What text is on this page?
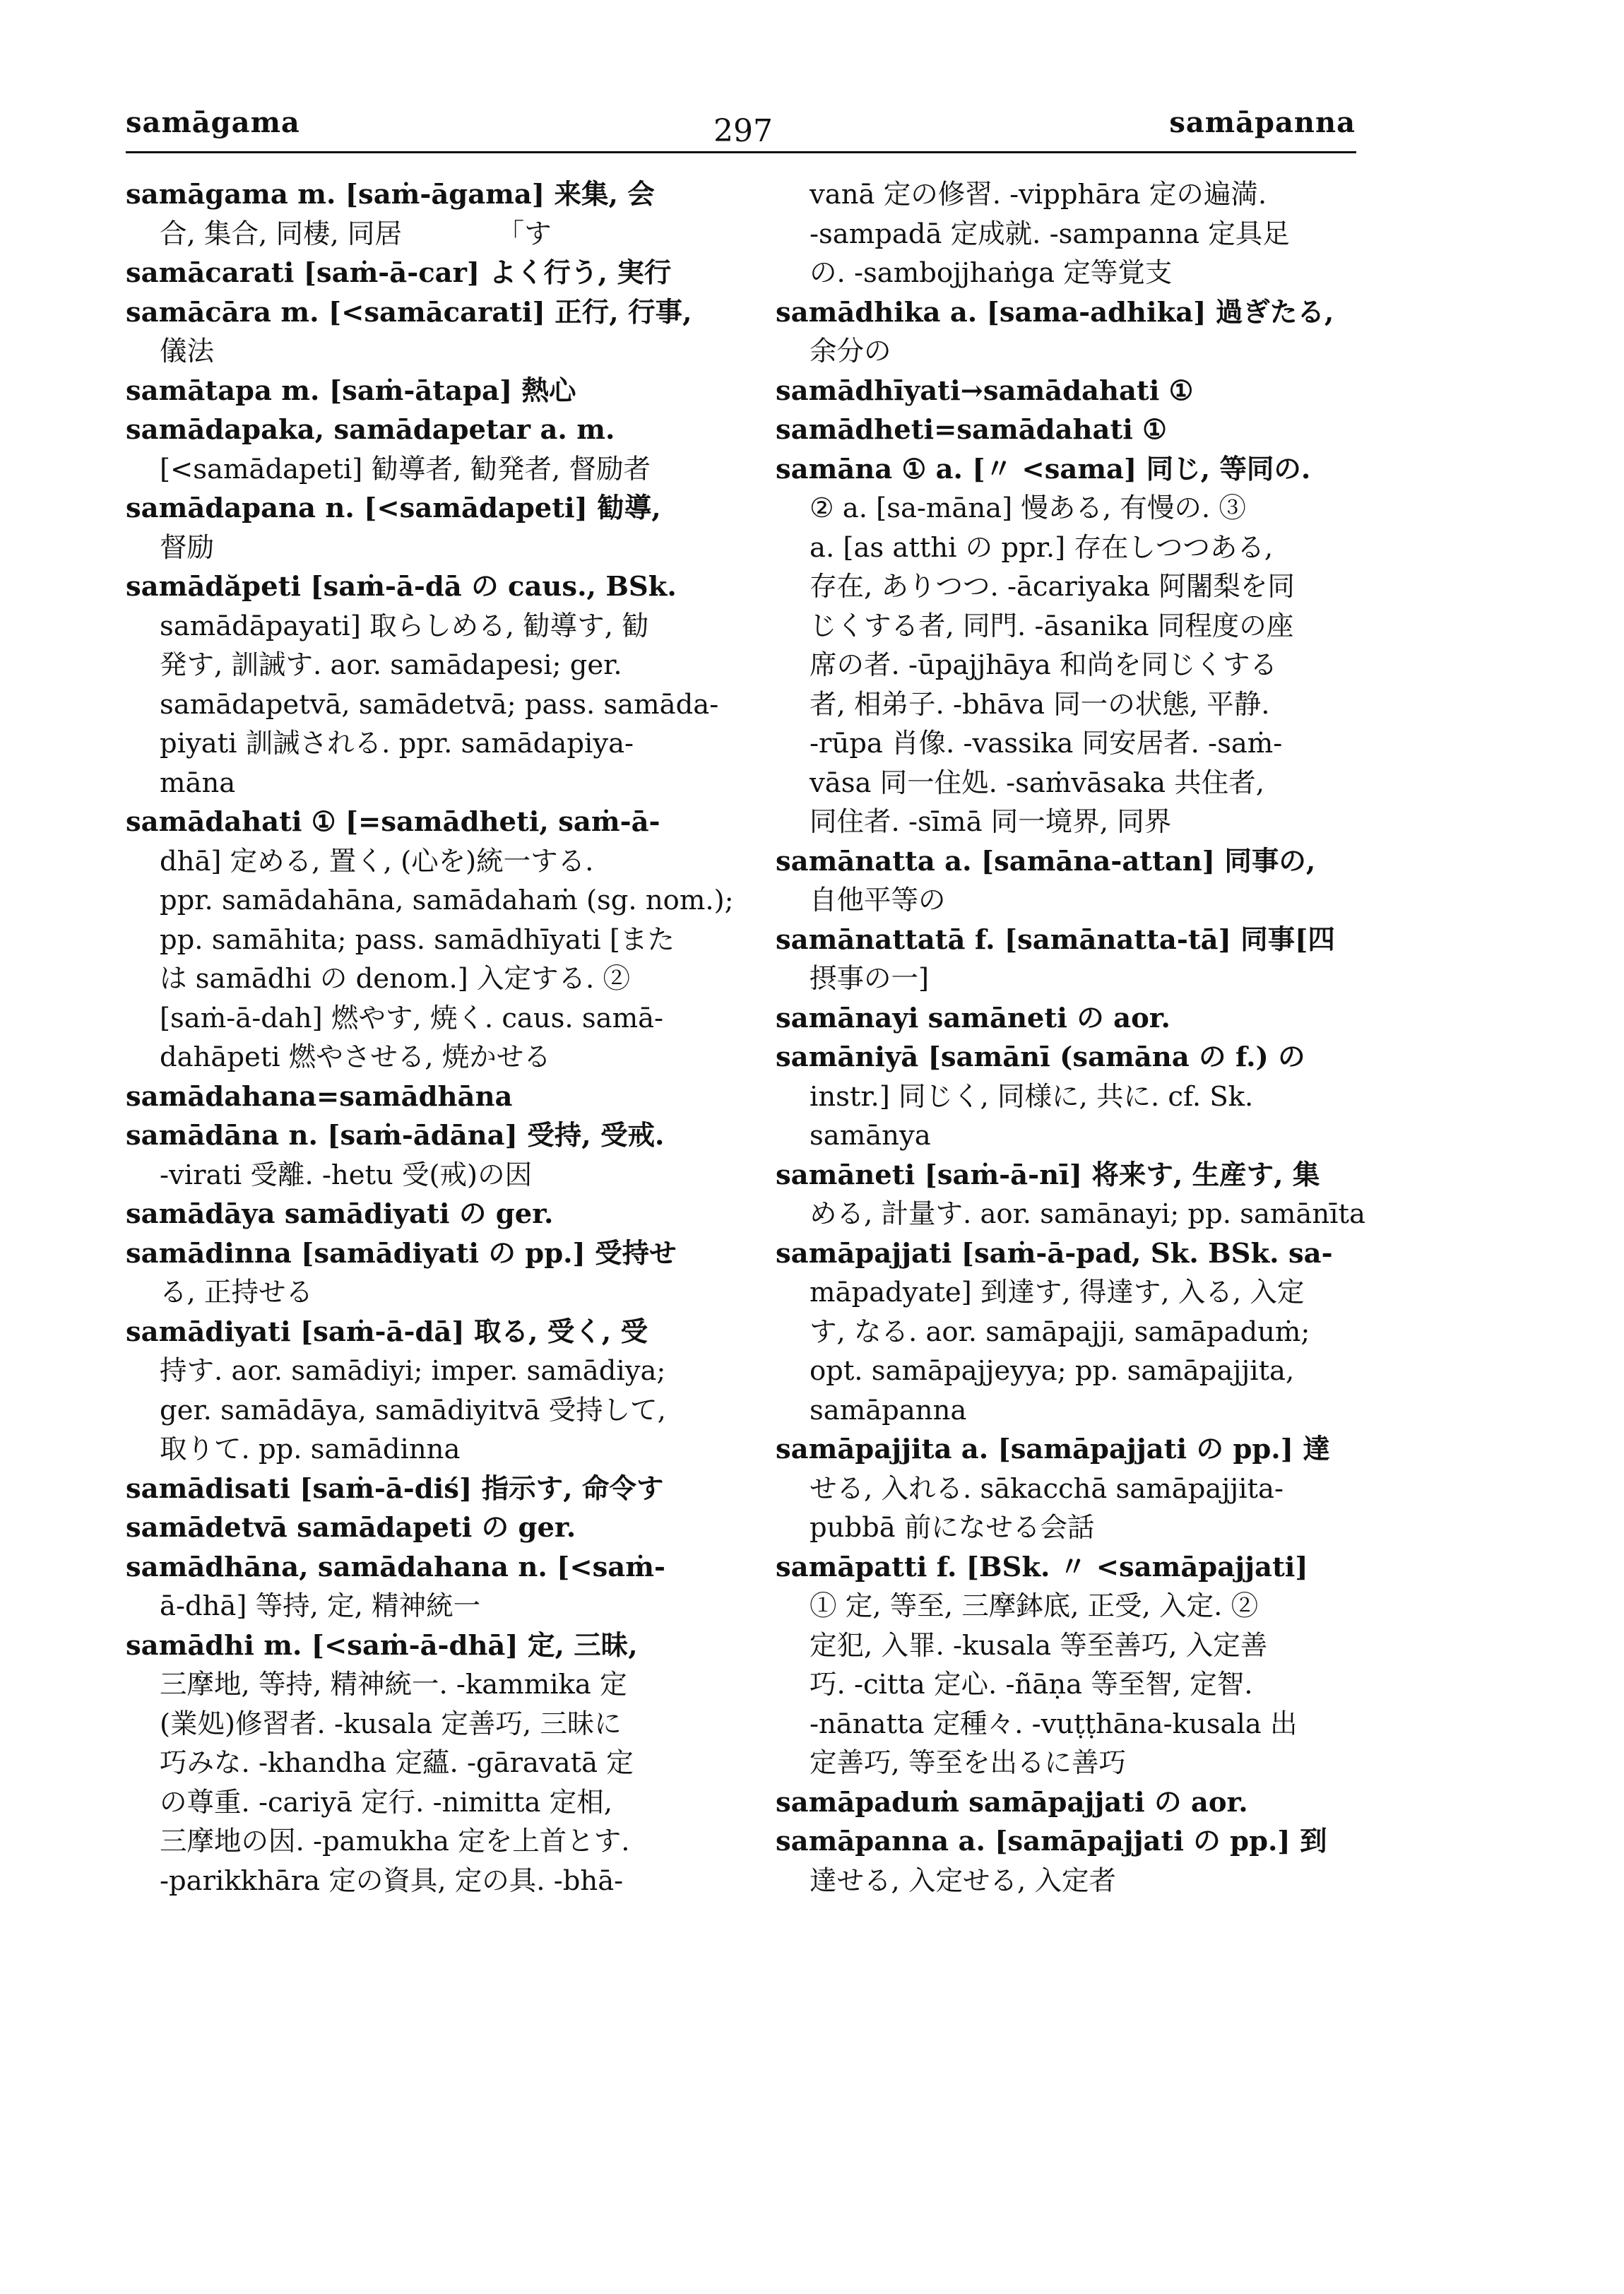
samāgama	297	samāpanna
samāgama m. [saṁ-āgama] 来集, 会
合, 集合, 同棲, 同居　　　　「す
samācarati [saṁ-ā-car] よく行う, 実行
samācāra m. [<samācarati] 正行, 行事,
儀法
samātapa m. [saṁ-ātapa] 熱心
samādapaka, samādapetar a. m.
[<samādapeti] 勧導者, 勧発者, 督励者
samādapana n. [<samādapeti] 勧導,
督励
samādăpeti [saṁ-ā-dā の caus., BSk.
samādāpayati] 取らしめる, 勧導す, 勧
発す, 訓誡す. aor. samādapesi; ger.
samādapetvā, samādetvā; pass. samāda-
piyati 訓誡される. ppr. samādapiya-
māna
samādahati ① [=samādheti, saṁ-ā-
dhā] 定める, 置く, (心を)統一する.
ppr. samādahāna, samādahaṁ (sg. nom.);
pp. samāhita; pass. samādhīyati [また
は samādhi の denom.] 入定する. ②
[saṁ-ā-dah] 燃やす, 焼く. caus. samā-
dahāpeti 燃やさせる, 焼かせる
samādahana=samādhāna
samādāna n. [saṁ-ādāna] 受持, 受戒.
-virati 受離. -hetu 受(戒)の因
samādāya samādiyati の ger.
samādinna [samādiyati の pp.] 受持せ
る, 正持せる
samādiyati [saṁ-ā-dā] 取る, 受く, 受
持す. aor. samādiyi; imper. samādiya;
ger. samādāya, samādiyitvā 受持して,
取りて. pp. samādinna
samādisati [saṁ-ā-diś] 指示す, 命令す
samādetvā samādapeti の ger.
samādhāna, samādahana n. [<saṁ-
ā-dhā] 等持, 定, 精神統一
samādhi m. [<saṁ-ā-dhā] 定, 三昧,
三摩地, 等持, 精神統一. -kammika 定
(業処)修習者. -kusala 定善巧, 三昧に
巧みな. -khandha 定蘊. -gāravatā 定
の尊重. -cariyā 定行. -nimitta 定相,
三摩地の因. -pamukha 定を上首とす.
-parikkhāra 定の資具, 定の具. -bhā-
vanā 定の修習. -vipphāra 定の遍満.
-sampadā 定成就. -sampanna 定具足
の. -sambojjhaṅga 定等覚支
samādhika a. [sama-adhika] 過ぎたる,
余分の
samādhīyati→samādahati ①
samādheti=samādahati ①
samāna ① a. [〃 <sama] 同じ, 等同の.
② a. [sa-māna] 慢ある, 有慢の. ③
a. [as atthi の ppr.] 存在しつつある,
存在, ありつつ. -ācariyaka 阿闍梨を同
じくする者, 同門. -āsanika 同程度の座
席の者. -ūpajjhāya 和尚を同じくする
者, 相弟子. -bhāva 同一の状態, 平静.
-rūpa 肖像. -vassika 同安居者. -saṁ-
vāsa 同一住処. -saṁvāsaka 共住者,
同住者. -sīmā 同一境界, 同界
samānatta a. [samāna-attan] 同事の,
自他平等の
samānattatā f. [samānatta-tā] 同事[四
摂事の一]
samānayi samāneti の aor.
samāniyā [samānī (samāna の f.) の
instr.] 同じく, 同様に, 共に. cf. Sk.
samānya
samāneti [saṁ-ā-nī] 将来す, 生産す, 集
める, 計量す. aor. samānayi; pp. samānīta
samāpajjati [saṁ-ā-pad, Sk. BSk. sa-
māpadyate] 到達す, 得達す, 入る, 入定
す, なる. aor. samāpajji, samāpaduṁ;
opt. samāpajjeyya; pp. samāpajjita,
samāpanna
samāpajjita a. [samāpajjati の pp.] 達
せる, 入れる. sākacchā samāpajjita-
pubbā 前になせる会話
samāpatti f. [BSk. 〃 <samāpajjati]
① 定, 等至, 三摩鉢底, 正受, 入定. ②
定犯, 入罪. -kusala 等至善巧, 入定善
巧. -citta 定心. -ñāṇa 等至智, 定智.
-nānatta 定種々. -vuṭṭhāna-kusala 出
定善巧, 等至を出るに善巧
samāpaduṁ samāpajjati の aor.
samāpanna a. [samāpajjati の pp.] 到
達せる, 入定せる, 入定者
